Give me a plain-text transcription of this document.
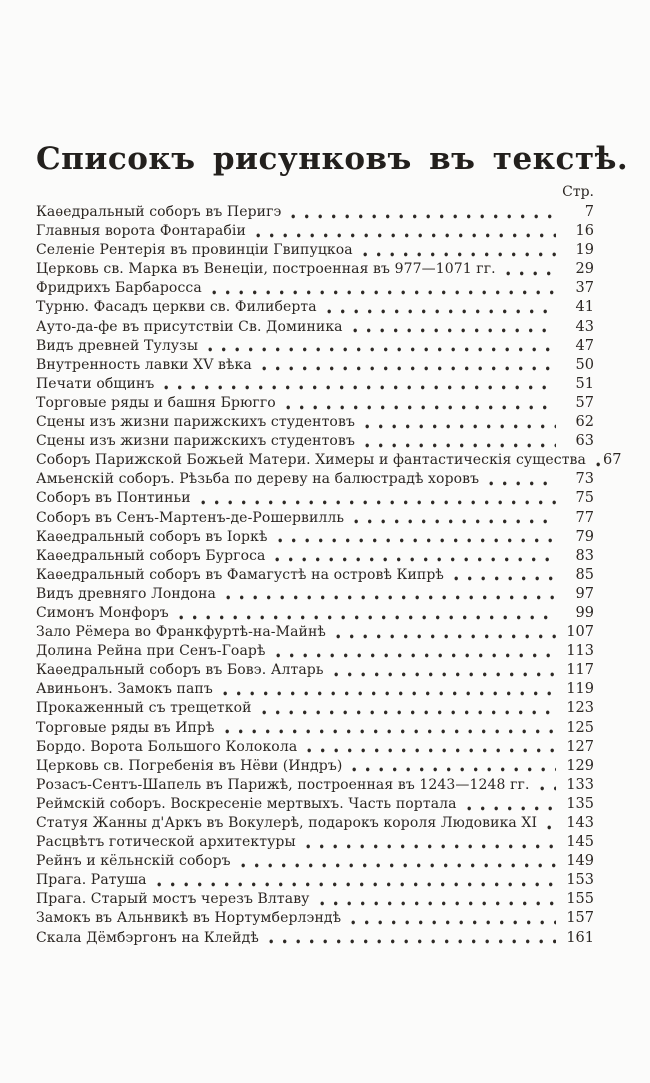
Списокъ рисунковъ въ текстѣ.
Стр.
Каѳедральный соборъ въ Перигэ	7
Главныя ворота Фонтарабіи	16
Селеніе Рентерія въ провинціи Гвипуцкоа	19
Церковь св. Марка въ Венеціи, построенная въ 977—1071 гг.	29
Фридрихъ Барбаросса	37
Турню. Фасадъ церкви св. Филиберта	41
Ауто-да-фе въ присутствіи Св. Доминика	43
Видъ древней Тулузы	47
Внутренность лавки XV вѣка	50
Печати общинъ	51
Торговые ряды и башня Брюгго	57
Сцены изъ жизни парижскихъ студентовъ	62
Сцены изъ жизни парижскихъ студентовъ	63
Соборъ Парижской Божьей Матери. Химеры и фантастическія существа 67
Амьенскій соборъ. Рѣзьба по дереву на балюстрадѣ хоровъ	73
Соборъ въ Понтиньи	75
Соборъ въ Сенъ-Мартенъ-де-Рошервилль	77
Каѳедральный соборъ въ Іоркѣ	79
Каѳедральный соборъ Бургоса	83
Каѳедральный соборъ въ Фамагустѣ на островѣ Кипрѣ	85
Видъ древняго Лондона	97
Симонъ Монфоръ	99
Зало Рёмера во Франкфуртѣ-на-Майнѣ	107
Долина Рейна при Сенъ-Гоарѣ	113
Каѳедральный соборъ въ Бовэ. Алтарь	117
Авиньонъ. Замокъ папъ	119
Прокаженный съ трещеткой	123
Торговые ряды въ Ипрѣ	125
Бордо. Ворота Большого Колокола	127
Церковь св. Погребенія въ Нёви (Индръ)	129
Розасъ-Сентъ-Шапель въ Парижѣ, построенная въ 1243—1248 гг.	133
Реймскій соборъ. Воскресеніе мертвыхъ. Часть портала	135
Статуя Жанны д'Аркъ въ Вокулерѣ, подарокъ короля Людовика XI	143
Расцвѣтъ готической архитектуры	145
Рейнъ и кёльнскій соборъ	149
Прага. Ратуша	153
Прага. Старый мостъ черезъ Влтаву	155
Замокъ въ Альнвикѣ въ Нортумберлэндѣ	157
Скала Дёмбэргонъ на Клейдѣ	161
